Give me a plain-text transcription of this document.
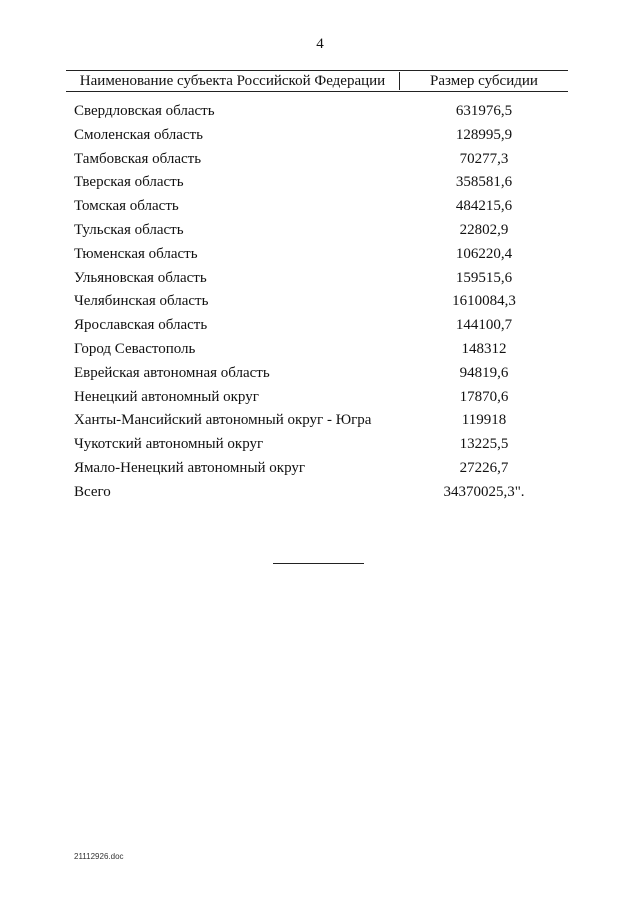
4
Наименование субъекта Российской Федерации	Размер субсидии
Свердловская область	631976,5
Смоленская область	128995,9
Тамбовская область	70277,3
Тверская область	358581,6
Томская область	484215,6
Тульская область	22802,9
Тюменская область	106220,4
Ульяновская область	159515,6
Челябинская область	1610084,3
Ярославская область	144100,7
Город Севастополь	148312
Еврейская автономная область	94819,6
Ненецкий автономный округ	17870,6
Ханты-Мансийский автономный округ - Югра	119918
Чукотский автономный округ	13225,5
Ямало-Ненецкий автономный округ	27226,7
Всего	34370025,3".
21112926.doc
